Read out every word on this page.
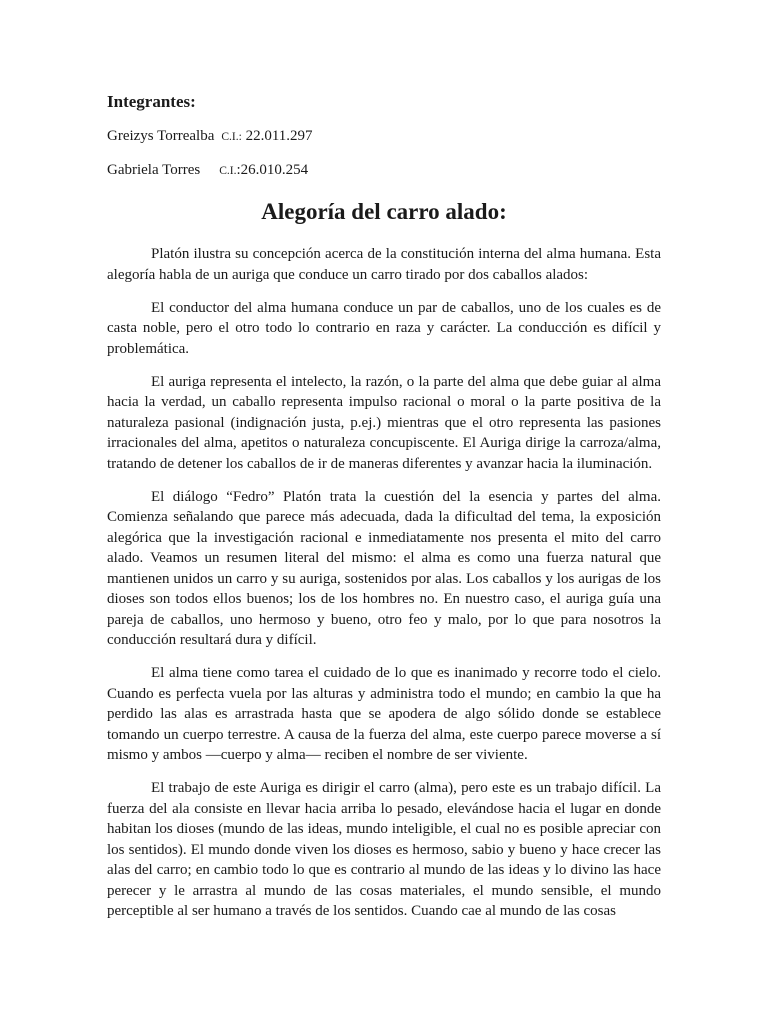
Integrantes:
Greizys Torrealba C.I.: 22.011.297
Gabriela Torres C.I.:26.010.254
Alegoría del carro alado:

Platón ilustra su concepción acerca de la constitución interna del alma humana. Esta alegoría habla de un auriga que conduce un carro tirado por dos caballos alados:

El conductor del alma humana conduce un par de caballos, uno de los cuales es de casta noble, pero el otro todo lo contrario en raza y carácter. La conducción es difícil y problemática.

El auriga representa el intelecto, la razón, o la parte del alma que debe guiar al alma hacia la verdad, un caballo representa impulso racional o moral o la parte positiva de la naturaleza pasional (indignación justa, p.ej.) mientras que el otro representa las pasiones irracionales del alma, apetitos o naturaleza concupiscente. El Auriga dirige la carroza/alma, tratando de detener los caballos de ir de maneras diferentes y avanzar hacia la iluminación.

El diálogo “Fedro” Platón trata la cuestión del la esencia y partes del alma. Comienza señalando que parece más adecuada, dada la dificultad del tema, la exposición alegórica que la investigación racional e inmediatamente nos presenta el mito del carro alado. Veamos un resumen literal del mismo: el alma es como una fuerza natural que mantienen unidos un carro y su auriga, sostenidos por alas. Los caballos y los aurigas de los dioses son todos ellos buenos; los de los hombres no. En nuestro caso, el auriga guía una pareja de caballos, uno hermoso y bueno, otro feo y malo, por lo que para nosotros la conducción resultará dura y difícil.

El alma tiene como tarea el cuidado de lo que es inanimado y recorre todo el cielo. Cuando es perfecta vuela por las alturas y administra todo el mundo; en cambio la que ha perdido las alas es arrastrada hasta que se apodera de algo sólido donde se establece tomando un cuerpo terrestre. A causa de la fuerza del alma, este cuerpo parece moverse a sí mismo y ambos —cuerpo y alma— reciben el nombre de ser viviente.

El trabajo de este Auriga es dirigir el carro (alma), pero este es un trabajo difícil. La fuerza del ala consiste en llevar hacia arriba lo pesado, elevándose hacia el lugar en donde habitan los dioses (mundo de las ideas, mundo inteligible, el cual no es posible apreciar con los sentidos). El mundo donde viven los dioses es hermoso, sabio y bueno y hace crecer las alas del carro; en cambio todo lo que es contrario al mundo de las ideas y lo divino las hace perecer y le arrastra al mundo de las cosas materiales, el mundo sensible, el mundo perceptible al ser humano a través de los sentidos. Cuando cae al mundo de las cosas
